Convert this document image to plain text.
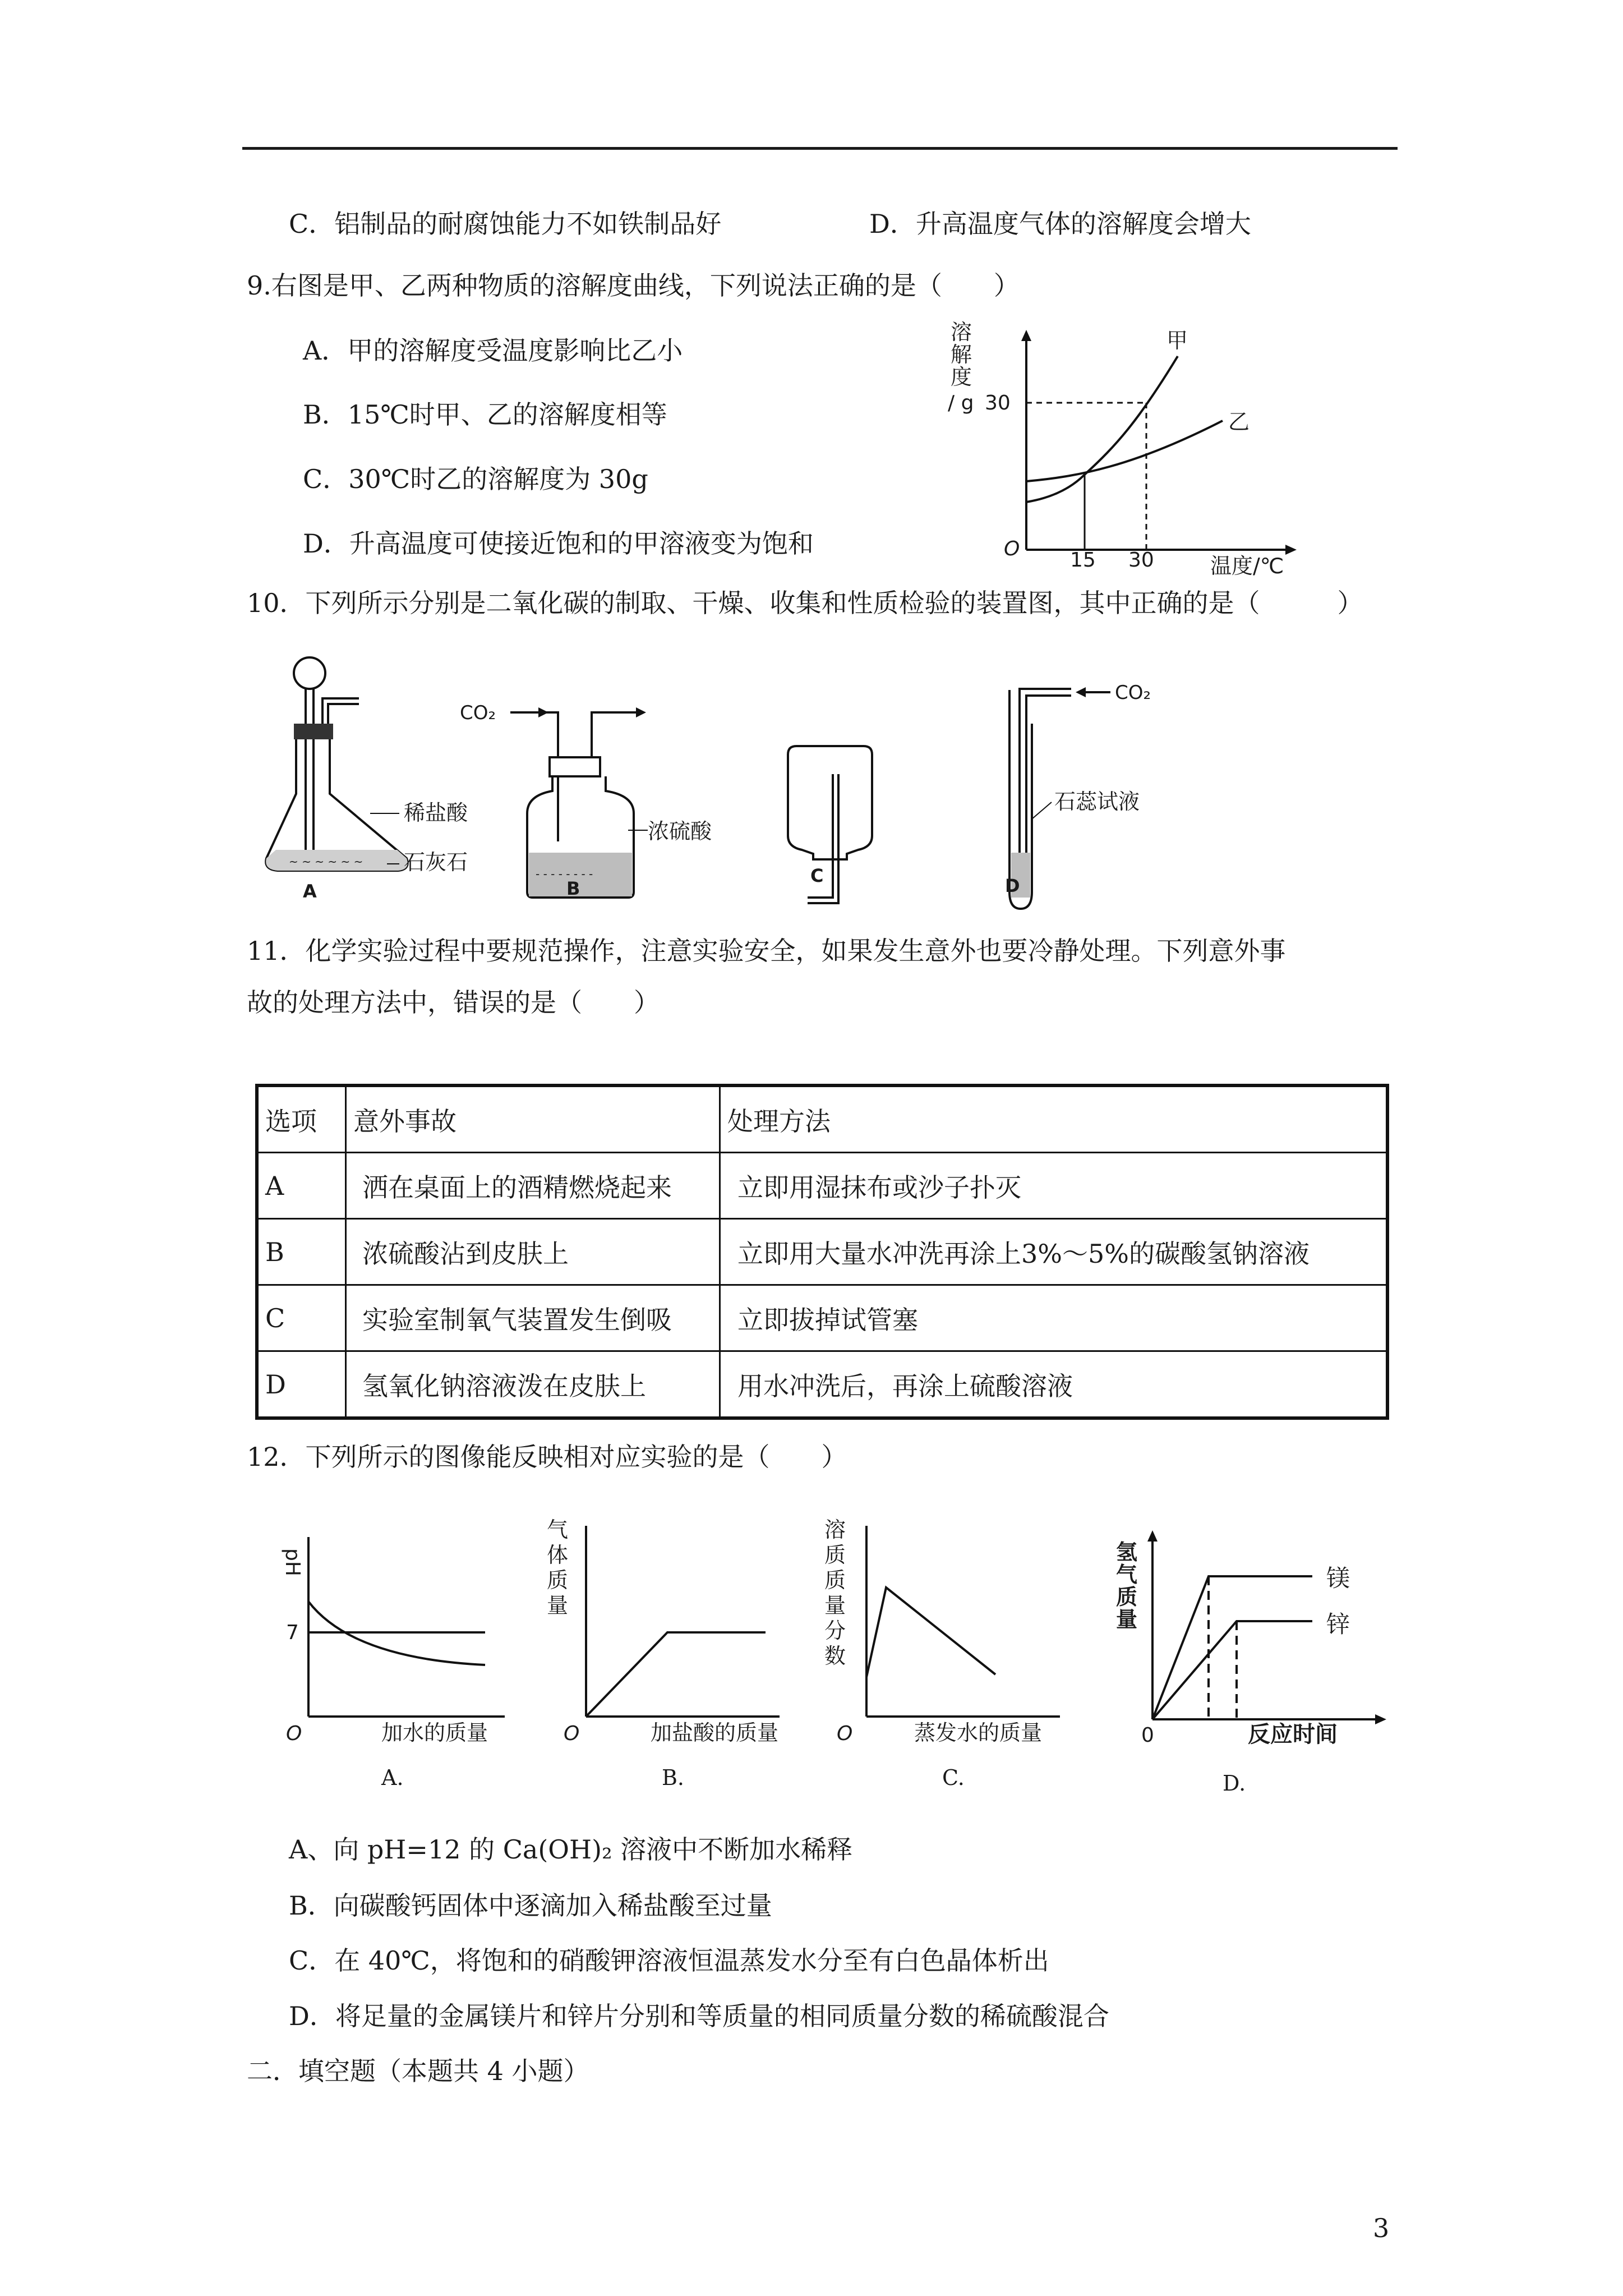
C．铝制品的耐腐蚀能力不如铁制品好	D．升高温度气体的溶解度会增大
9.右图是甲、乙两种物质的溶解度曲线，下列说法正确的是（　　）
A．甲的溶解度受温度影响比乙小
B．15℃时甲、乙的溶解度相等
C．30℃时乙的溶解度为 30g
D．升高温度可使接近饱和的甲溶液变为饱和
溶
解
度
/ g 30
甲
乙
O 15 30	温度/℃
10．下列所示分别是二氧化碳的制取、干燥、收集和性质检验的装置图，其中正确的是（　　　）
~ ~ ~ ~ ~ ~
稀盐酸
石灰石
A
CO₂
- - - - - - - -
浓硫酸
B
C
CO₂
石蕊试液
D
11．化学实验过程中要规范操作，注意实验安全，如果发生意外也要冷静处理。下列意外事
故的处理方法中，错误的是（　　）
选项	意外事故	处理方法
A	洒在桌面上的酒精燃烧起来	立即用湿抹布或沙子扑灭
B	浓硫酸沾到皮肤上	立即用大量水冲洗再涂上3%～5%的碳酸氢钠溶液
C	实验室制氧气装置发生倒吸	立即拔掉试管塞
D	氢氧化钠溶液泼在皮肤上	用水冲洗后，再涂上硫酸溶液
12．下列所示的图像能反映相对应实验的是（　　）
pH
7
O	加水的质量
A.
气
体
质
量
O	加盐酸的质量
B.
溶
质
质
量
分
数
O	蒸发水的质量
C.
氢
气
质
量
镁
锌
0	反应时间
D.
A、向 pH=12 的 Ca(OH)₂ 溶液中不断加水稀释
B．向碳酸钙固体中逐滴加入稀盐酸至过量
C．在 40℃，将饱和的硝酸钾溶液恒温蒸发水分至有白色晶体析出
D．将足量的金属镁片和锌片分别和等质量的相同质量分数的稀硫酸混合
二．填空题（本题共 4 小题）
3
